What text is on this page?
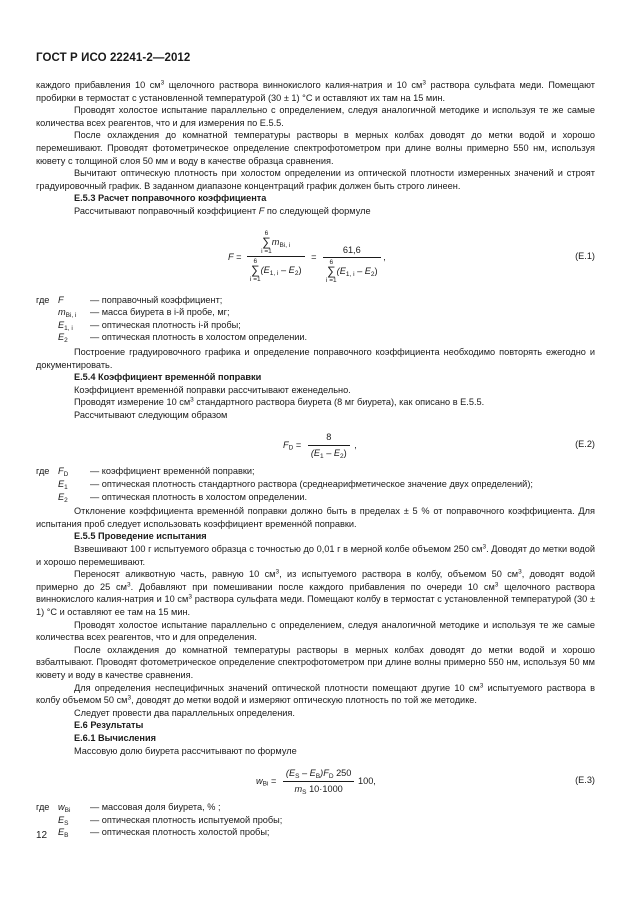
ГОСТ Р ИСО 22241-2—2012

каждого прибавления 10 $см^3$ щелочного раствора виннокислого калия-натрия и 10 $см^3$ раствора сульфата меди. Помещают пробирки в термостат с установленной температурой (30 ± 1) °С и оставляют их там на 15 мин.

Проводят холостое испытание параллельно с определением, следуя аналогичной методике и используя те же самые количества всех реагентов, что и для измерения по Е.5.5.

После охлаждения до комнатной температуры растворы в мерных колбах доводят до метки водой и хорошо перемешивают. Проводят фотометрическое определение спектрофотометром при длине волны примерно 550 нм, используя кювету с толщиной слоя 50 мм и воду в качестве образца сравнения.

Вычитают оптическую плотность при холостом определении из оптической плотности измеренных значений и строят градуировочный график. В заданном диапазоне концентраций график должен быть строго линеен.

Е.5.3 Расчет поправочного коэффициента

Рассчитывают поправочный коэффициент F по следующей формуле

F = 6
∑
i =1
$m_{Bi, i}$
6
∑
i =1
$(E_{1, i} - E_2) = 61,6$
6
∑
i =1
$(E_{1, i} - E_2)$ ,	(Е.1)
где F	— поправочный коэффициент;
$m_{Bi, i}$	— масса биурета в i-й пробе, мг;
$E_{1, i}$	— оптическая плотность i-й пробы;
$E_2$	— оптическая плотность в холостом определении.

Построение градуировочного графика и определение поправочного коэффициента необходимо повторять ежегодно и документировать.

Е.5.4 Коэффициент временнóй поправки

Коэффициент временнóй поправки рассчитывают еженедельно.

Проводят измерение 10 $см^3$ стандартного раствора биурета (8 мг биурета), как описано в Е.5.5.

Рассчитывают следующим образом

$F_D = \frac{8}{(E_1 - E_2)}$ ,	(Е.2)
где $F_D$	— коэффициент временнóй поправки;
$E_1$	— оптическая плотность стандартного раствора (среднеарифметическое значение двух определений);
$E_2$	— оптическая плотность в холостом определении.

Отклонение коэффициента временнóй поправки должно быть в пределах ± 5 % от поправочного коэффициента. Для испытания проб следует использовать коэффициент временнóй поправки.

Е.5.5 Проведение испытания

Взвешивают 100 г испытуемого образца с точностью до 0,01 г в мерной колбе объемом 250 $см^3$. Доводят до метки водой и хорошо перемешивают.

Переносят аликвотную часть, равную 10 $см^3$, из испытуемого раствора в колбу, объемом 50 $см^3$, доводят водой примерно до 25 $см^3$. Добавляют при помешивании после каждого прибавления по очереди 10 $см^3$ щелочного раствора виннокислого калия-натрия и 10 $см^3$ раствора сульфата меди. Помещают колбу в термостат с установленной температурой (30 ± 1) °С и оставляют ее там на 15 мин.

Проводят холостое испытание параллельно с определением, следуя аналогичной методике и используя те же самые количества всех реагентов, что и для определения.

После охлаждения до комнатной температуры растворы в мерных колбах доводят до метки водой и хорошо взбалтывают. Проводят фотометрическое определение спектрофотометром при длине волны примерно 550 нм, используя 50 мм кювету и воду в качестве сравнения.

Для определения неспецифичных значений оптической плотности помещают другие 10 $см^3$ испытуемого раствора в колбу объемом 50 $см^3$, доводят до метки водой и измеряют оптическую плотность по той же методике.

Следует провести два параллельных определения.

Е.6 Результаты

Е.6.1 Вычисления

Массовую долю биурета рассчитывают по формуле

$w_{Bi} = \frac{(E_S - E_B)F_D 250}{m_S 10\cdot 1000} 100$,	(Е.3)
где $w_{Bi}$	— массовая доля биурета, % ;
$E_S$	— оптическая плотность испытуемой пробы;
$E_B$	— оптическая плотность холостой пробы;
12
